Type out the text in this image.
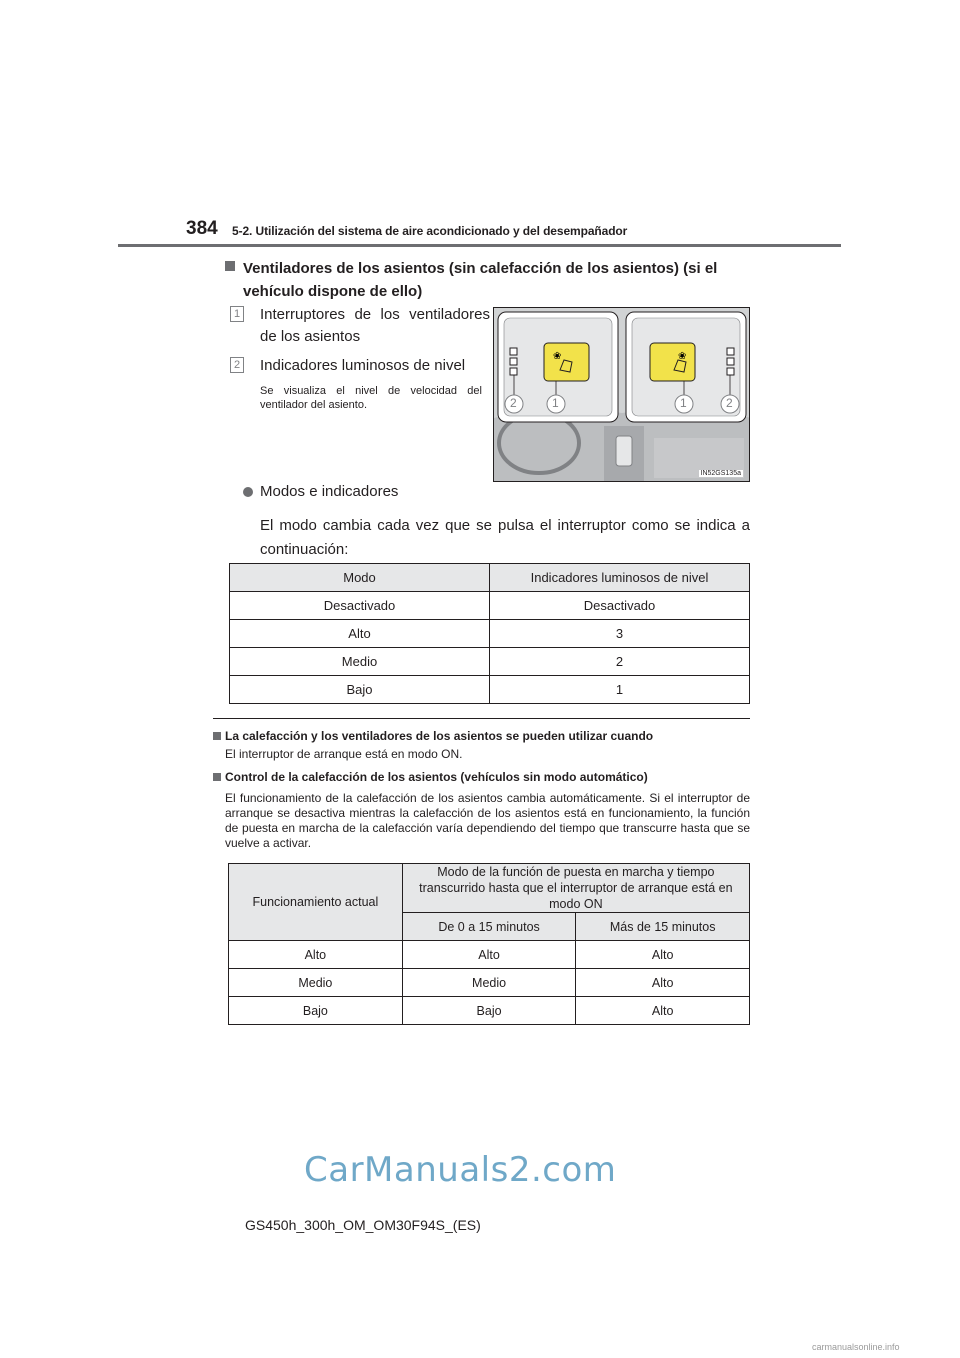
384 5-2. Utilización del sistema de aire acondicionado y del desempañador
Ventiladores de los asientos (sin calefacción de los asientos) (si el vehículo dispone de ello)
1 Interruptores de los ventiladores de los asientos
2 Indicadores luminosos de nivel
Se visualiza el nivel de velocidad del ventilador del asiento.
❀	❀
2	1	1	2
IN52GS135a
Modos e indicadores
El modo cambia cada vez que se pulsa el interruptor como se indica a continuación:
Modo	Indicadores luminosos de nivel
Desactivado	Desactivado
Alto	3
Medio	2
Bajo	1
La calefacción y los ventiladores de los asientos se pueden utilizar cuando
El interruptor de arranque está en modo ON.
Control de la calefacción de los asientos (vehículos sin modo automático)
El funcionamiento de la calefacción de los asientos cambia automáticamente. Si el interruptor de arranque se desactiva mientras la calefacción de los asientos está en funcionamiento, la función de puesta en marcha de la calefacción varía dependiendo del tiempo que transcurre hasta que se vuelve a activar.
Funcionamiento actual	Modo de la función de puesta en marcha y tiempo transcurrido hasta que el interruptor de arranque está en modo ON	
	De 0 a 15 minutos	Más de 15 minutos
Alto	Alto	Alto
Medio	Medio	Alto
Bajo	Bajo	Alto
CarManuals2.com
GS450h_300h_OM_OM30F94S_(ES)
carmanualsonline.info
